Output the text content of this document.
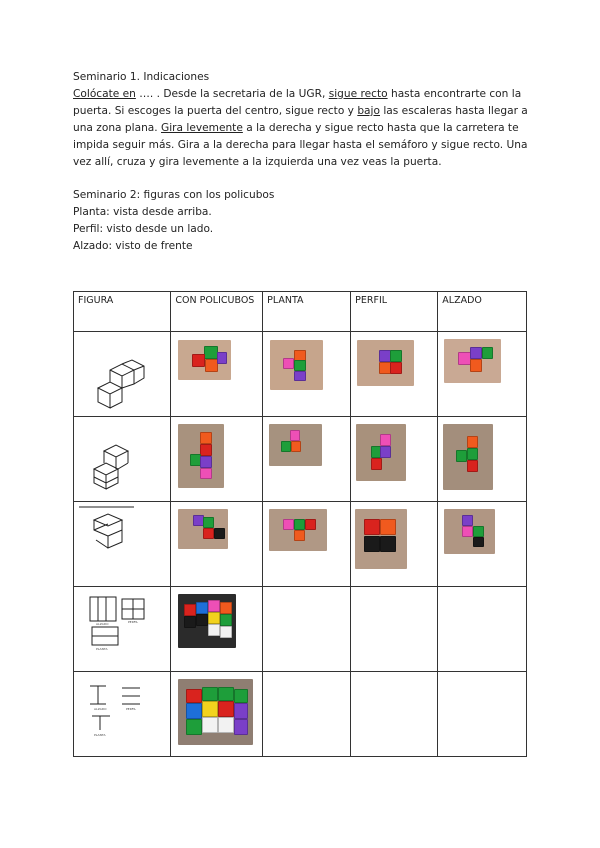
Seminario 1. Indicaciones
Colócate en …. . Desde la secretaria de la UGR, sigue recto hasta encontrarte con la
puerta. Si escoges la puerta del centro, sigue recto y bajo las escaleras hasta llegar a
una zona plana. Gira levemente a la derecha y sigue recto hasta que la carretera te
impida seguir más. Gira a la derecha para llegar hasta el semáforo y sigue recto. Una
vez allí, cruza y gira levemente a la izquierda una vez veas la puerta.
Seminario 2: figuras con los policubos
Planta: vista desde arriba.
Perfil: visto desde un lado.
Alzado: visto de frente
FIGURA	CON POLICUBOS	PLANTA	PERFIL	ALZADO

ALZADO PERFIL
PLANTA				

ALZADO PERFIL
PLANTA				
